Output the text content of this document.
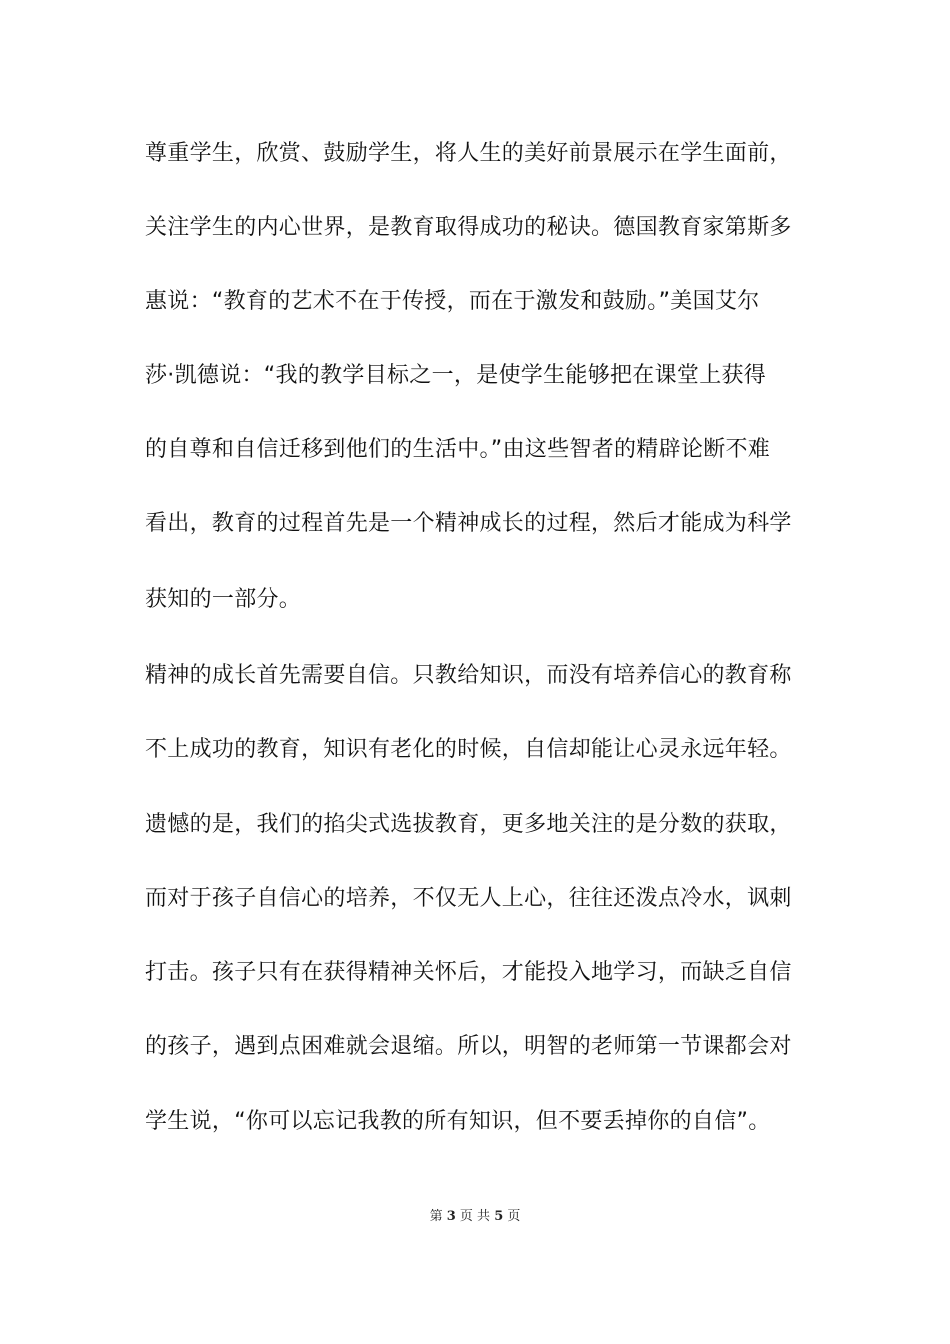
尊重学生，欣赏、鼓励学生，将人生的美好前景展示在学生面前，
关注学生的内心世界，是教育取得成功的秘诀。德国教育家第斯多
惠说：“教育的艺术不在于传授，而在于激发和鼓励。”美国艾尔
莎·凯德说：“我的教学目标之一，是使学生能够把在课堂上获得
的自尊和自信迁移到他们的生活中。”由这些智者的精辟论断不难
看出，教育的过程首先是一个精神成长的过程，然后才能成为科学
获知的一部分。
精神的成长首先需要自信。只教给知识，而没有培养信心的教育称
不上成功的教育，知识有老化的时候，自信却能让心灵永远年轻。
遗憾的是，我们的掐尖式选拔教育，更多地关注的是分数的获取，
而对于孩子自信心的培养，不仅无人上心，往往还泼点冷水，讽刺
打击。孩子只有在获得精神关怀后，才能投入地学习，而缺乏自信
的孩子，遇到点困难就会退缩。所以，明智的老师第一节课都会对
学生说，“你可以忘记我教的所有知识，但不要丢掉你的自信”。
第 3 页 共 5 页
